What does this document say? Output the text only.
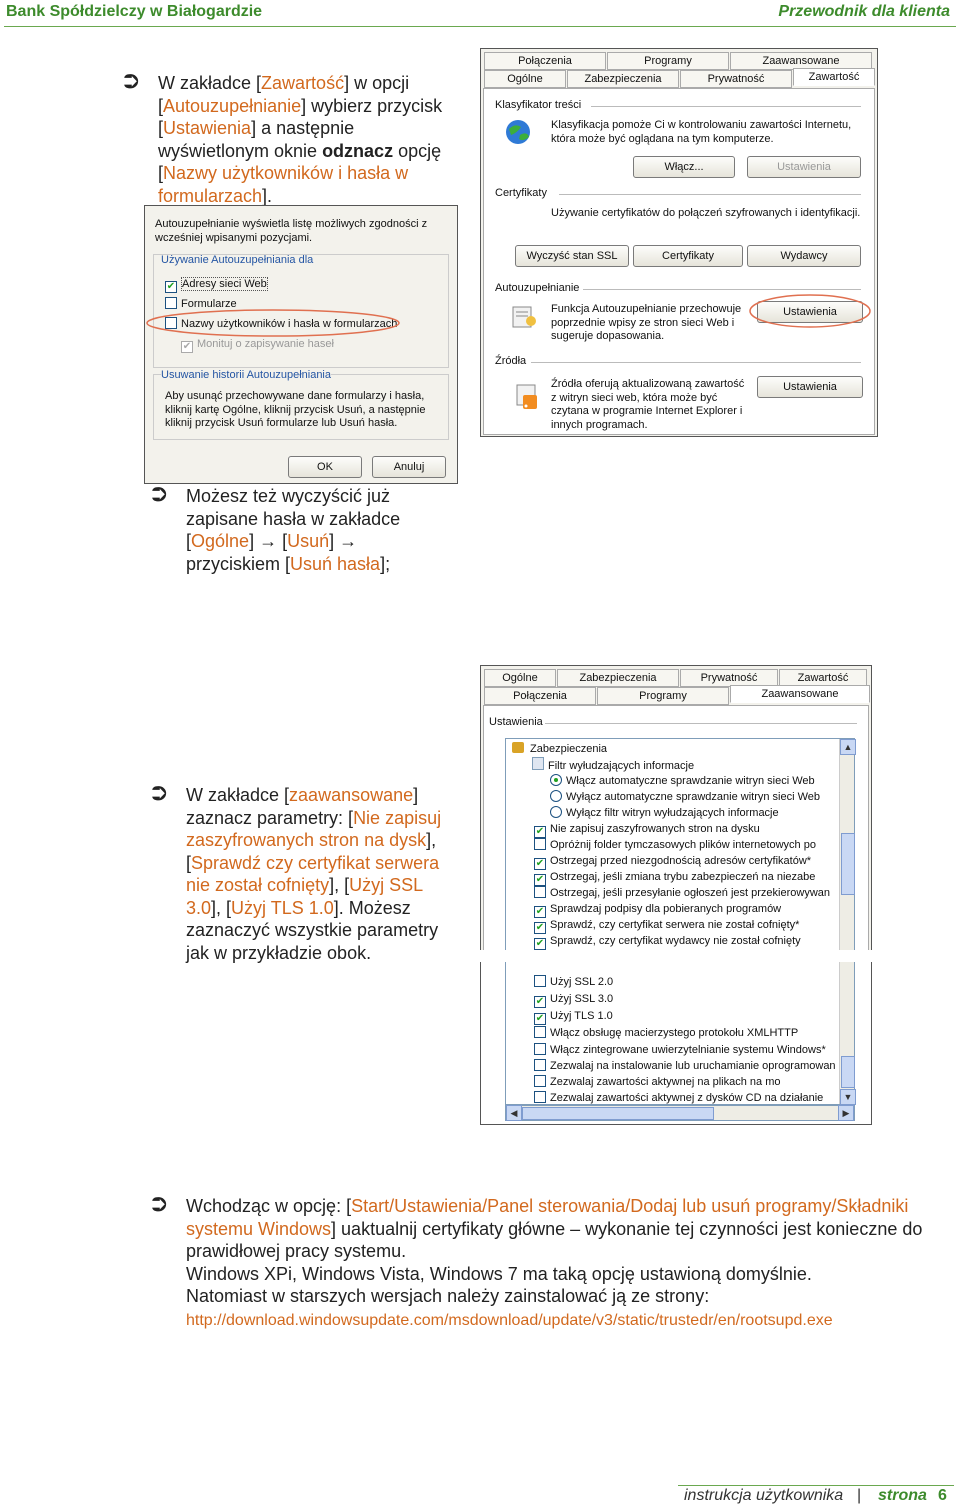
Bank Spółdzielczy w Białogardzie	Przewodnik dla klienta
⮊ W zakładce [Zawartość] w opcji [Autouzupełnianie] wybierz przycisk [Ustawienia] a następnie wyświetlonym oknie odznacz opcję [Nazwy użytkowników i hasła w formularzach].
Połączenia	Programy	Zaawansowane
Ogólne	Zabezpieczenia	Prywatność	Zawartość
Klasyfikator treści
Klasyfikacja pomoże Ci w kontrolowaniu zawartości Internetu, która może być oglądana na tym komputerze.
Włącz...	Ustawienia
Certyfikaty
Używanie certyfikatów do połączeń szyfrowanych i identyfikacji.
Wyczyść stan SSL	Certyfikaty	Wydawcy
Autouzupełnianie
Funkcja Autouzupełnianie przechowuje poprzednie wpisy ze stron sieci Web i sugeruje dopasowania.
Ustawienia
Źródła
Źródła oferują aktualizowaną zawartość z witryn sieci web, która może być czytana w programie Internet Explorer i innych programach.
Ustawienia
Autouzupełnianie wyświetla listę możliwych zgodności z wcześniej wpisanymi pozycjami.
Używanie Autouzupełniania dla
✔ Adresy sieci Web
Formularze
Nazwy użytkowników i hasła w formularzach
✔ Monituj o zapisywanie haseł
Usuwanie historii Autouzupełniania
Aby usunąć przechowywane dane formularzy i hasła, kliknij kartę Ogólne, kliknij przycisk Usuń, a następnie kliknij przycisk Usuń formularze lub Usuń hasła.
OK	Anuluj
⮊ Możesz też wyczyścić już zapisane hasła w zakładce [Ogólne] → [Usuń] → przyciskiem [Usuń hasła];
Ogólne	Zabezpieczenia	Prywatność	Zawartość
Połączenia	Programy	Zaawansowane
Ustawienia
Zabezpieczenia
Filtr wyłudzających informacje
Włącz automatyczne sprawdzanie witryn sieci Web
Wyłącz automatyczne sprawdzanie witryn sieci Web
Wyłącz filtr witryn wyłudzających informacje
✔ Nie zapisuj zaszyfrowanych stron na dysku
Opróżnij folder tymczasowych plików internetowych po
✔ Ostrzegaj przed niezgodnością adresów certyfikatów*
✔ Ostrzegaj, jeśli zmiana trybu zabezpieczeń na niezabe
Ostrzegaj, jeśli przesyłanie ogłoszeń jest przekierowywan
✔ Sprawdzaj podpisy dla pobieranych programów
✔ Sprawdź, czy certyfikat serwera nie został cofnięty*
✔ Sprawdź, czy certyfikat wydawcy nie został cofnięty
▲
⮊ W zakładce [zaawansowane] zaznacz parametry: [Nie zapisuj zaszyfrowanych stron na dysk], [Sprawdź czy certyfikat serwera nie został cofnięty], [Użyj SSL 3.0], [Użyj TLS 1.0]. Możesz zaznaczyć wszystkie parametry jak w przykładzie obok.
Użyj SSL 2.0
✔ Użyj SSL 3.0
✔ Użyj TLS 1.0
Włącz obsługę macierzystego protokołu XMLHTTP
Włącz zintegrowane uwierzytelnianie systemu Windows*
Zezwalaj na instalowanie lub uruchamianie oprogramowan
Zezwalaj zawartości aktywnej na plikach na mo
Zezwalaj zawartości aktywnej z dysków CD na działanie	▼
◀	▶
⮊ Wchodząc w opcję: [Start/Ustawienia/Panel sterowania/Dodaj lub usuń programy/Składniki systemu Windows] uaktualnij certyfikaty główne – wykonanie tej czynności jest konieczne do prawidłowej pracy systemu.
Windows XPi, Windows Vista, Windows 7 ma taką opcję ustawioną domyślnie.
Natomiast w starszych wersjach należy zainstalować ją ze strony:
http://download.windowsupdate.com/msdownload/update/v3/static/trustedr/en/rootsupd.exe
instrukcja użytkownika | strona 6
